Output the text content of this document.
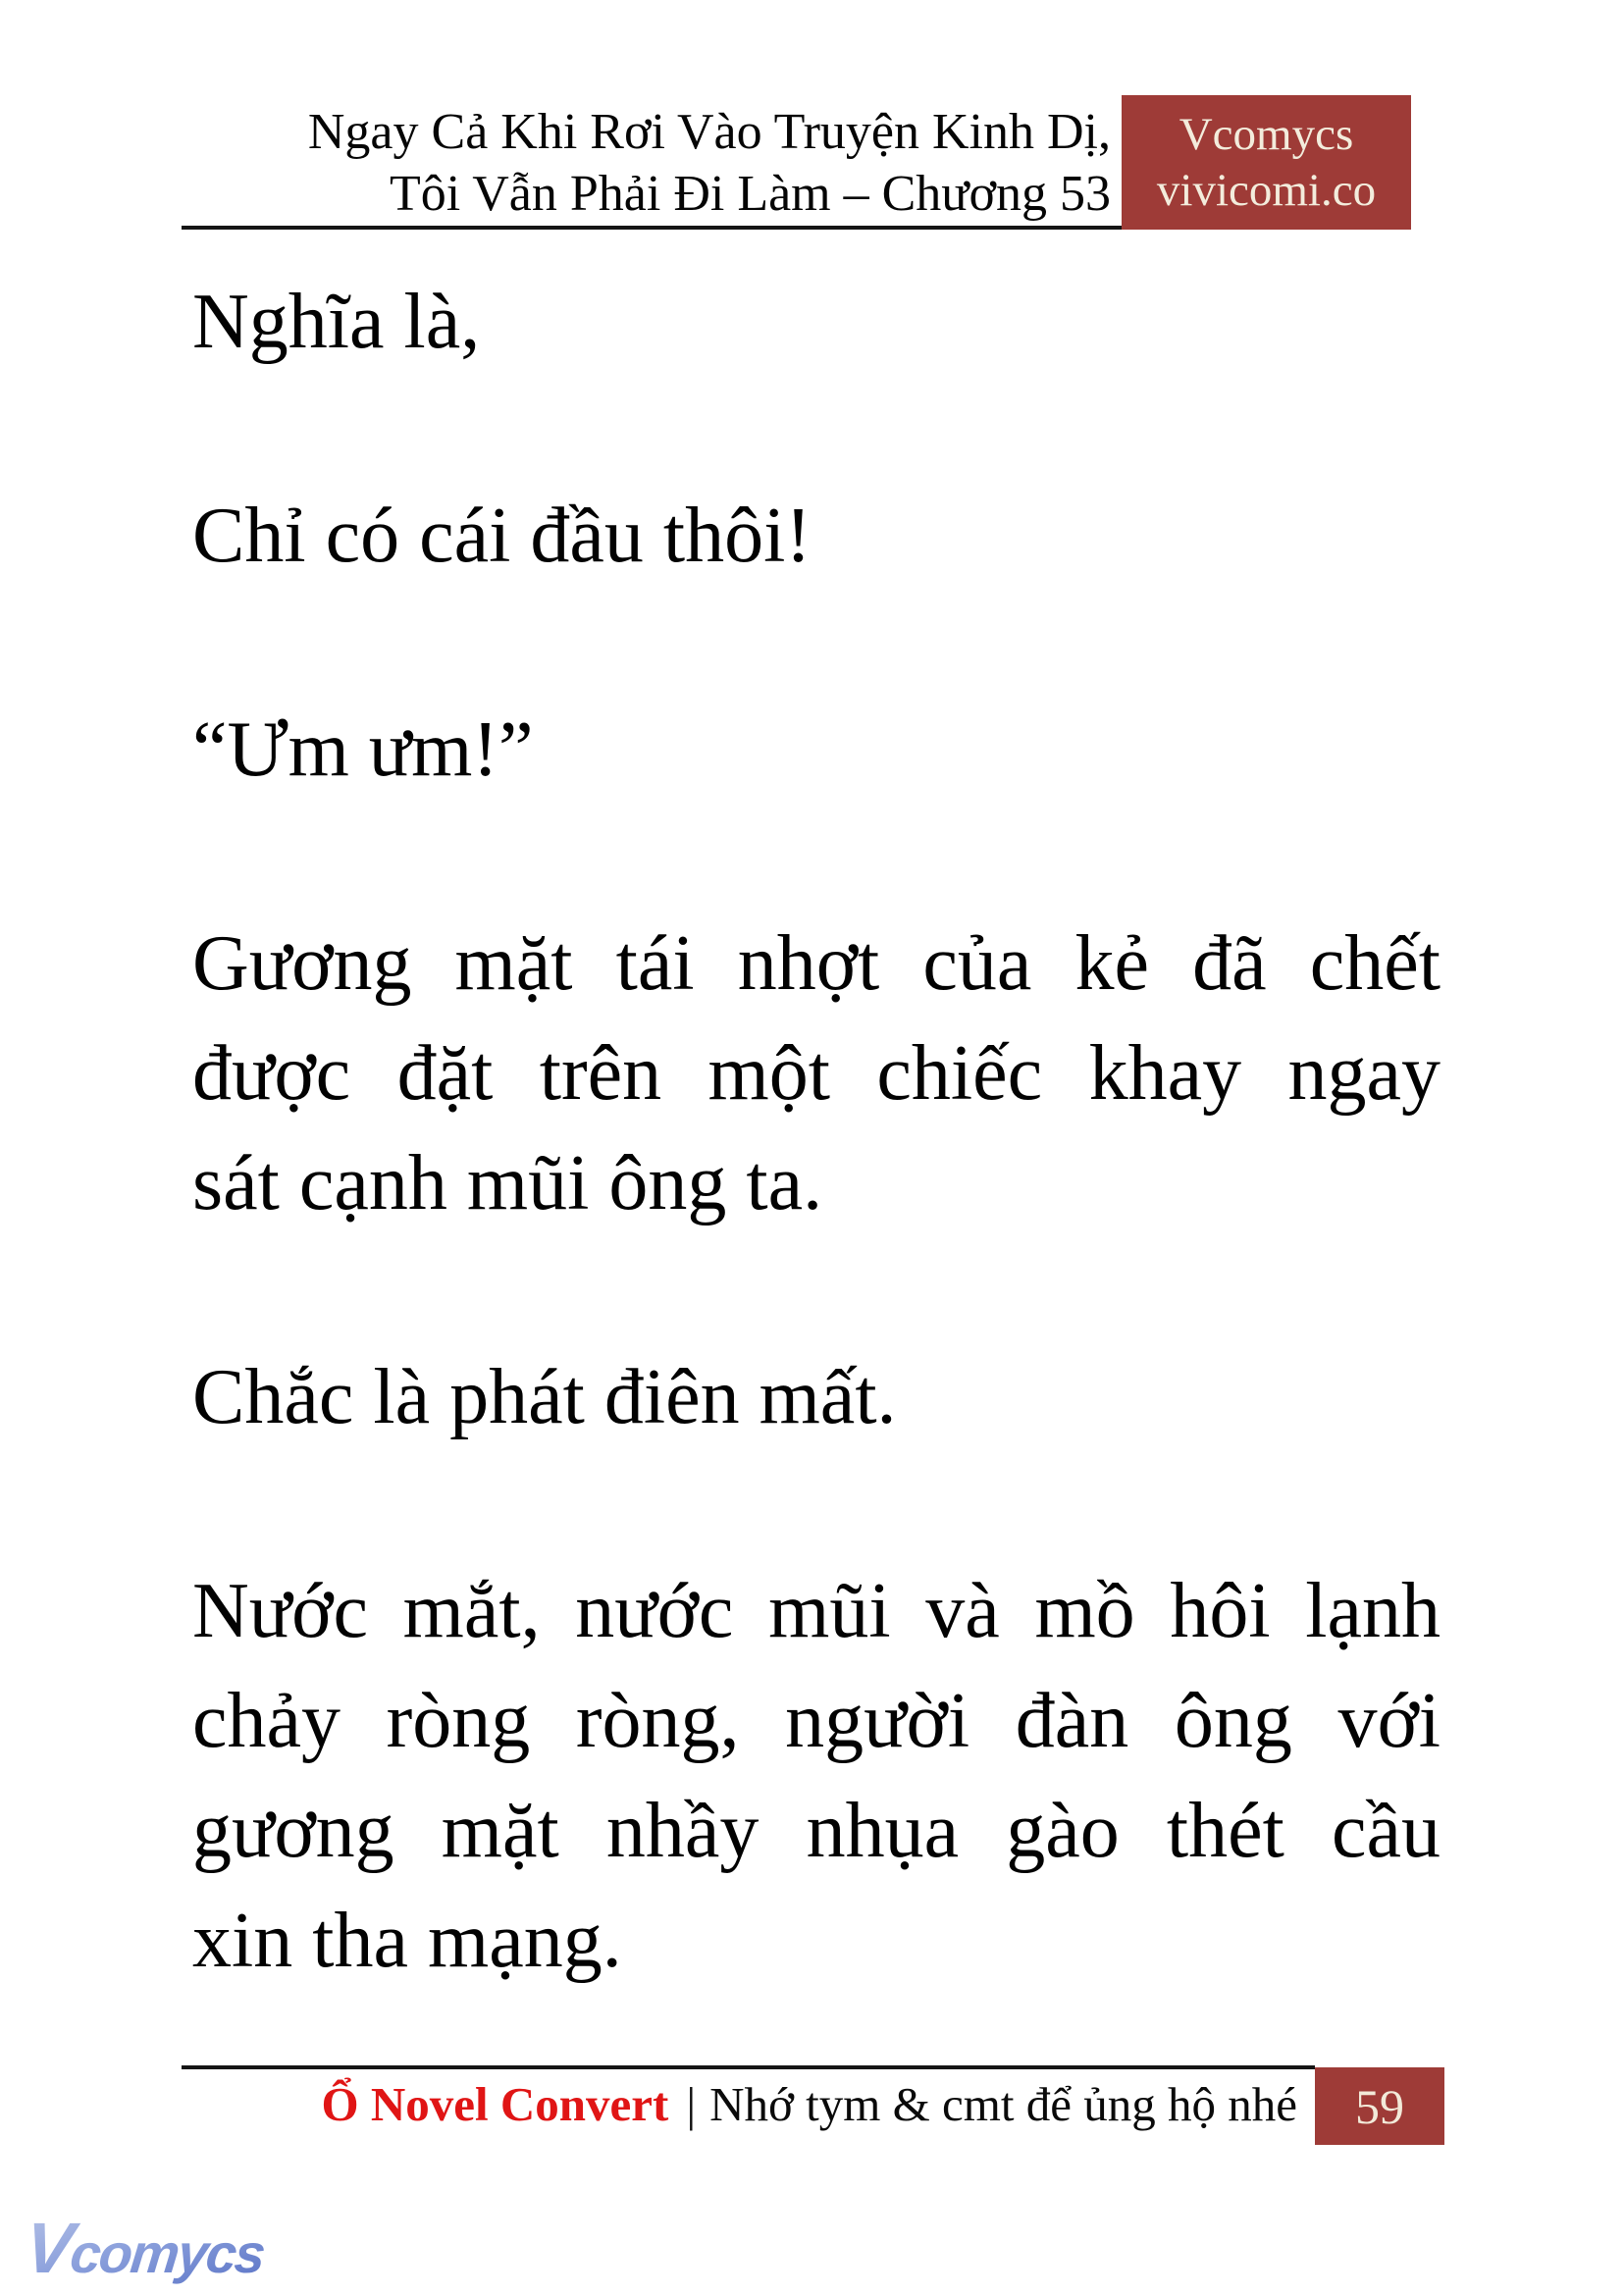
Ngay Cả Khi Rơi Vào Truyện Kinh Dị,
Tôi Vẫn Phải Đi Làm – Chương 53
Vcomycs
vivicomi.co
Nghĩa là,
Chỉ có cái đầu thôi!
“Ưm ưm!”
Gương mặt tái nhợt của kẻ đã chết
được đặt trên một chiếc khay ngay
sát cạnh mũi ông ta.
Chắc là phát điên mất.
Nước mắt, nước mũi và mồ hôi lạnh
chảy ròng ròng, người đàn ông với
gương mặt nhầy nhụa gào thét cầu
xin tha mạng.
Ổ Novel Convert | Nhớ tym & cmt để ủng hộ nhé 59
Vcomycs
